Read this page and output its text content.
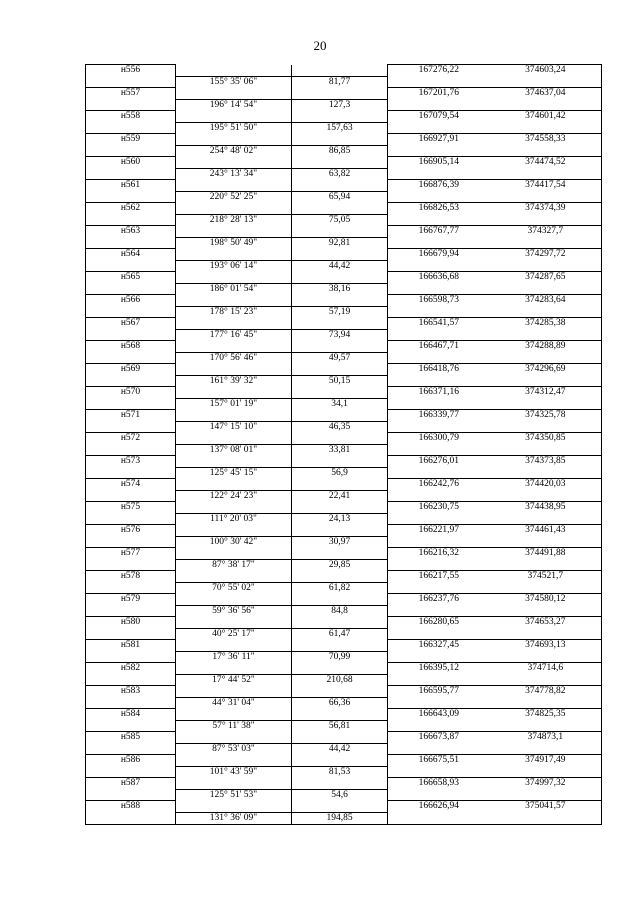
20
н556			167276,22	374603,24
	155° 35' 06"	81,77		
н557			167201,76	374637,04
	196° 14' 54"	127,3		
н558			167079,54	374601,42
	195° 51' 50"	157,63		
н559			166927,91	374558,33
	254° 48' 02"	86,85		
н560			166905,14	374474,52
	243° 13' 34"	63,82		
н561			166876,39	374417,54
	220° 52' 25"	65,94		
н562			166826,53	374374,39
	218° 28' 13"	75,05		
н563			166767,77	374327,7
	198° 50' 49"	92,81		
н564			166679,94	374297,72
	193° 06' 14"	44,42		
н565			166636,68	374287,65
	186° 01' 54"	38,16		
н566			166598,73	374283,64
	178° 15' 23"	57,19		
н567			166541,57	374285,38
	177° 16' 45"	73,94		
н568			166467,71	374288,89
	170° 56' 46"	49,57		
н569			166418,76	374296,69
	161° 39' 32"	50,15		
н570			166371,16	374312,47
	157° 01' 19"	34,1		
н571			166339,77	374325,78
	147° 15' 10"	46,35		
н572			166300,79	374350,85
	137° 08' 01"	33,81		
н573			166276,01	374373,85
	125° 45' 15"	56,9		
н574			166242,76	374420,03
	122° 24' 23"	22,41		
н575			166230,75	374438,95
	111° 20' 03"	24,13		
н576			166221,97	374461,43
	100° 30' 42"	30,97		
н577			166216,32	374491,88
	87° 38' 17"	29,85		
н578			166217,55	374521,7
	70° 55' 02"	61,82		
н579			166237,76	374580,12
	59° 36' 56"	84,8		
н580			166280,65	374653,27
	40° 25' 17"	61,47		
н581			166327,45	374693,13
	17° 36' 11"	70,99		
н582			166395,12	374714,6
	17° 44' 52"	210,68		
н583			166595,77	374778,82
	44° 31' 04"	66,36		
н584			166643,09	374825,35
	57° 11' 38"	56,81		
н585			166673,87	374873,1
	87° 53' 03"	44,42		
н586			166675,51	374917,49
	101° 43' 59"	81,53		
н587			166658,93	374997,32
	125° 51' 53"	54,6		
н588			166626,94	375041,57
	131° 36' 09"	194,85		
